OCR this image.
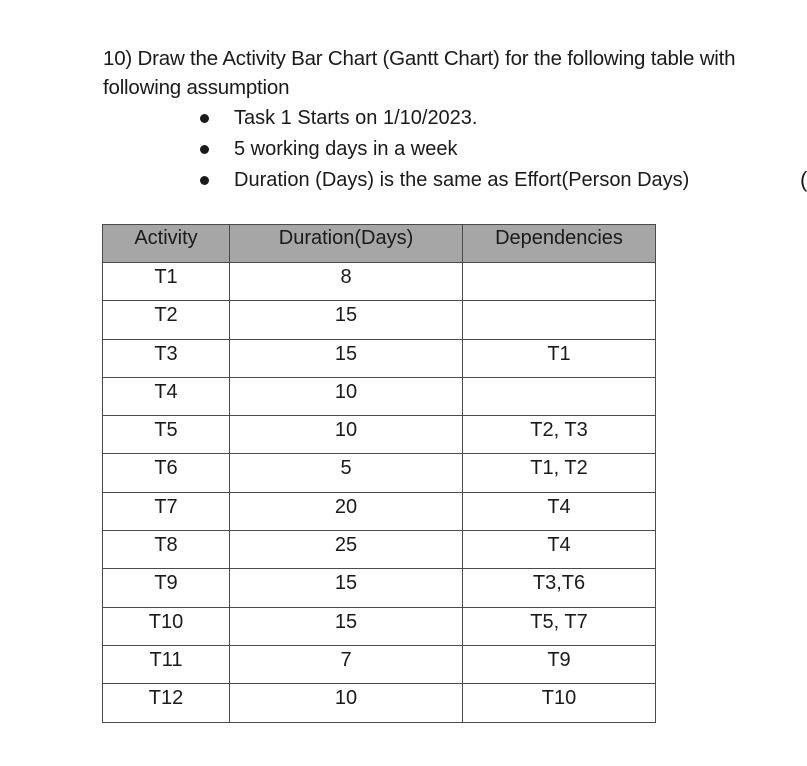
10) Draw the Activity Bar Chart (Gantt Chart) for the following table with
following assumption
Task 1 Starts on 1/10/2023.
5 working days in a week
Duration (Days) is the same as Effort(Person Days)	(
Activity	Duration(Days)	Dependencies
T1	8	
T2	15	
T3	15	T1
T4	10	
T5	10	T2, T3
T6	5	T1, T2
T7	20	T4
T8	25	T4
T9	15	T3,T6
T10	15	T5, T7
T11	7	T9
T12	10	T10
